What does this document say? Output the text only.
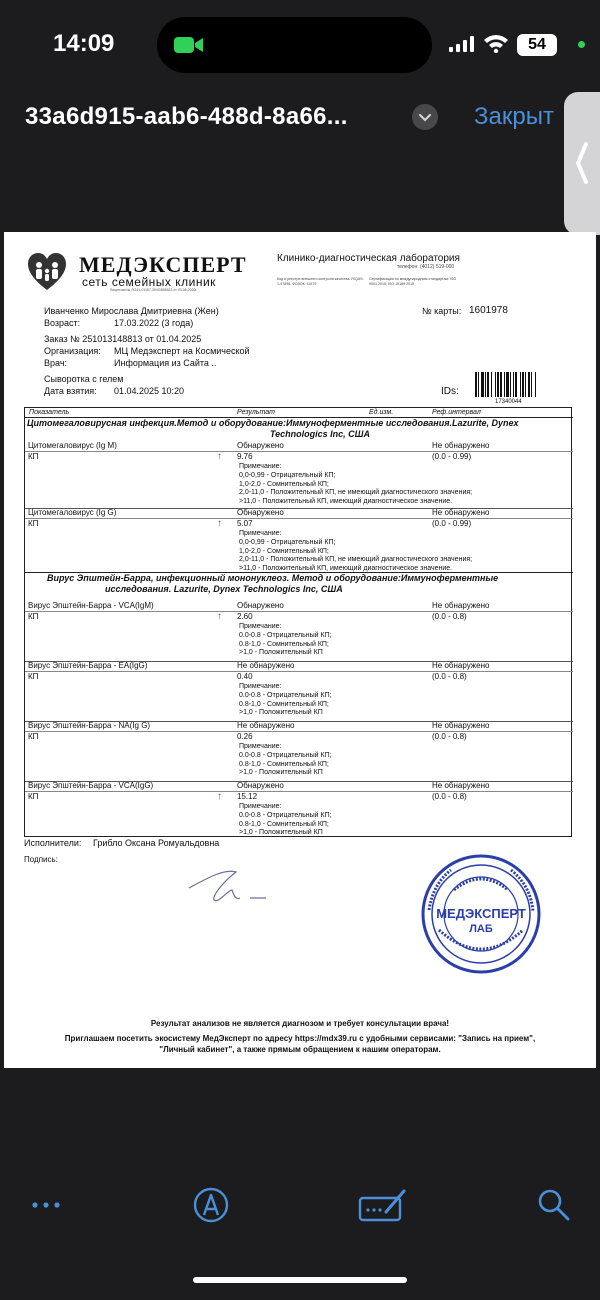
14:09	54
33a6d915-aab6-488d-8a66...	Закрыт
МЕДЭКСПЕРТ
сеть семейных клиник
Лицензия № ЛО41-01157-39/00555633 от 03.08.2020г.
Клинико-диагностическая лаборатория
телефон: (4012) 519-000
Код в реестре внешнего контроля качества: RIQAS: 1-97896, ФСВОК: 11579
Сертификация по международным стандартам: ISO 9001:2015; ISO 15189:2015
Иванченко Мирослава Дмитриевна (Жен)	№ карты: 1601978
Возраст:	17.03.2022 (3 года)
Заказ № 251013148813 от 01.04.2025
Организация: МЦ Медэксперт на Космической
Врач:	Информация из Сайта ..
Сыворотка с гелем
Дата взятия: 01.04.2025 10:20	IDs:
17340044
Показатель	Результат	Ед.изм.	Реф.интервал
Цитомегаловирусная инфекция.Метод и оборудование:Иммуноферментные исследования.Lazurite, Dynex
Technologics Inc, США
Вирус Эпштейн-Барра, инфекционный мононуклеоз. Метод и оборудование:Иммуноферментные
исследования. Lazurite, Dynex Technologics Inc, США
Цитомегаловирус (Ig M)	Обнаружено	Не обнаружено
КП	↑ 9.76	(0.0 - 0.99)
Примечание:
0,0-0,99 - Отрицательный КП;
1,0-2,0 - Сомнительный КП;
2,0-11,0 - Положительный КП, не имеющий диагностического значения;
>11,0 - Положительный КП, имеющий диагностическое значение.
Цитомегаловирус (Ig G)	Обнаружено	Не обнаружено
КП	↑ 5.07	(0.0 - 0.99)
Примечание:
0,0-0,99 - Отрицательный КП;
1,0-2,0 - Сомнительный КП;
2,0-11,0 - Положительный КП, не имеющий диагностического значения;
>11,0 - Положительный КП, имеющий диагностическое значение.
Вирус Эпштейн-Барра - VCA(IgM)	Обнаружено	Не обнаружено
КП	↑ 2.60	(0.0 - 0.8)
Примечание:
0.0-0.8 - Отрицательный КП;
0.8-1,0 - Сомнительный КП;
>1,0 - Положительный КП
Вирус Эпштейн-Барра - EA(IgG)	Не обнаружено	Не обнаружено
КП	0.40	(0.0 - 0.8)
Примечание:
0.0-0.8 - Отрицательный КП;
0.8-1,0 - Сомнительный КП;
>1,0 - Положительный КП
Вирус Эпштейн-Барра - NA(Ig G)	Не обнаружено	Не обнаружено
КП	0.26	(0.0 - 0.8)
Примечание:
0.0-0.8 - Отрицательный КП;
0.8-1,0 - Сомнительный КП;
>1,0 - Положительный КП
Вирус Эпштейн-Барра - VCA(IgG)	Обнаружено	Не обнаружено
КП	↑ 15.12	(0.0 - 0.8)
Примечание:
0.0-0.8 - Отрицательный КП;
0.8-1,0 - Сомнительный КП;
>1,0 - Положительный КП
Исполнители: Грибло Оксана Ромуальдовна
Подпись:
МЕДЭКСПЕРТ
ЛАБ
Результат анализов не является диагнозом и требует консультации врача!
Приглашаем посетить экосистему МедЭксперт по адресу https://mdx39.ru с удобными сервисами: "Запись на прием",
"Личный кабинет", а также прямым обращением к нашим операторам.
